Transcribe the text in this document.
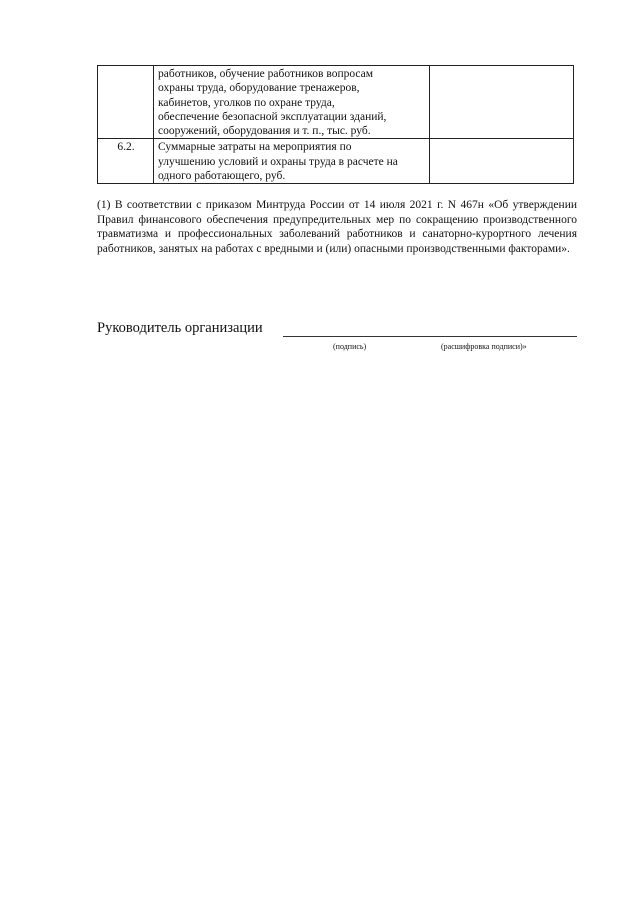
	работников, обучение работников вопросам
охраны труда, оборудование тренажеров,
кабинетов, уголков по охране труда,
обеспечение безопасной эксплуатации зданий,
сооружений, оборудования и т. п., тыс. руб.	

6.2.	Суммарные затраты на мероприятия по
улучшению условий и охраны труда в расчете на
одного работающего, руб.	

(1) В соответствии с приказом Минтруда России от 14 июля 2021 г. N 467н «Об утверждении Правил финансового обеспечения предупредительных мер по сокращению производственного травматизма и профессиональных заболеваний работников и санаторно-курортного лечения работников, занятых на работах с вредными и (или) опасными производственными факторами».

Руководитель организации
(подпись)	(расшифровка подписи)»
